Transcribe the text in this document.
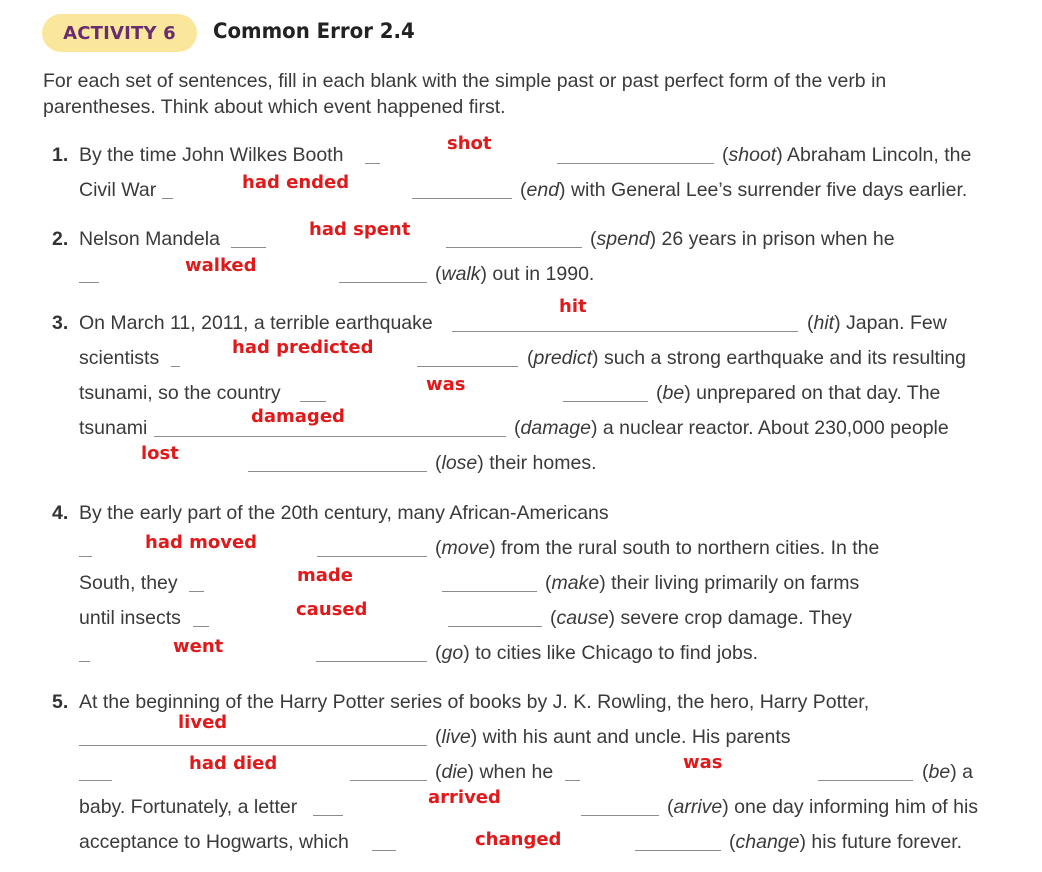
ACTIVITY 6	Common Error 2.4

For each set of sentences, fill in each blank with the simple past or past perfect form of the verb in parentheses. Think about which event happened first.

1. By the time John Wilkes Booth	(shoot) Abraham Lincoln, the
Civil War	(end) with General Lee’s surrender five days earlier.
2. Nelson Mandela	(spend) 26 years in prison when he
(walk) out in 1990.
3. On March 11, 2011, a terrible earthquake	(hit) Japan. Few
scientists	(predict) such a strong earthquake and its resulting
tsunami, so the country	(be) unprepared on that day. The
tsunami	(damage) a nuclear reactor. About 230,000 people
(lose) their homes.
4. By the early part of the 20th century, many African-Americans
(move) from the rural south to northern cities. In the
South, they	(make) their living primarily on farms
until insects	(cause) severe crop damage. They
(go) to cities like Chicago to find jobs.
5. At the beginning of the Harry Potter series of books by J. K. Rowling, the hero, Harry Potter,
(live) with his aunt and uncle. His parents
(die) when he	(be) a
baby. Fortunately, a letter	(arrive) one day informing him of his
acceptance to Hogwarts, which	(change) his future forever.
shot
had ended
had spent
walked
hit
had predicted
was
damaged
lost
had moved
made
caused
went
lived
had died	was
arrived
changed
